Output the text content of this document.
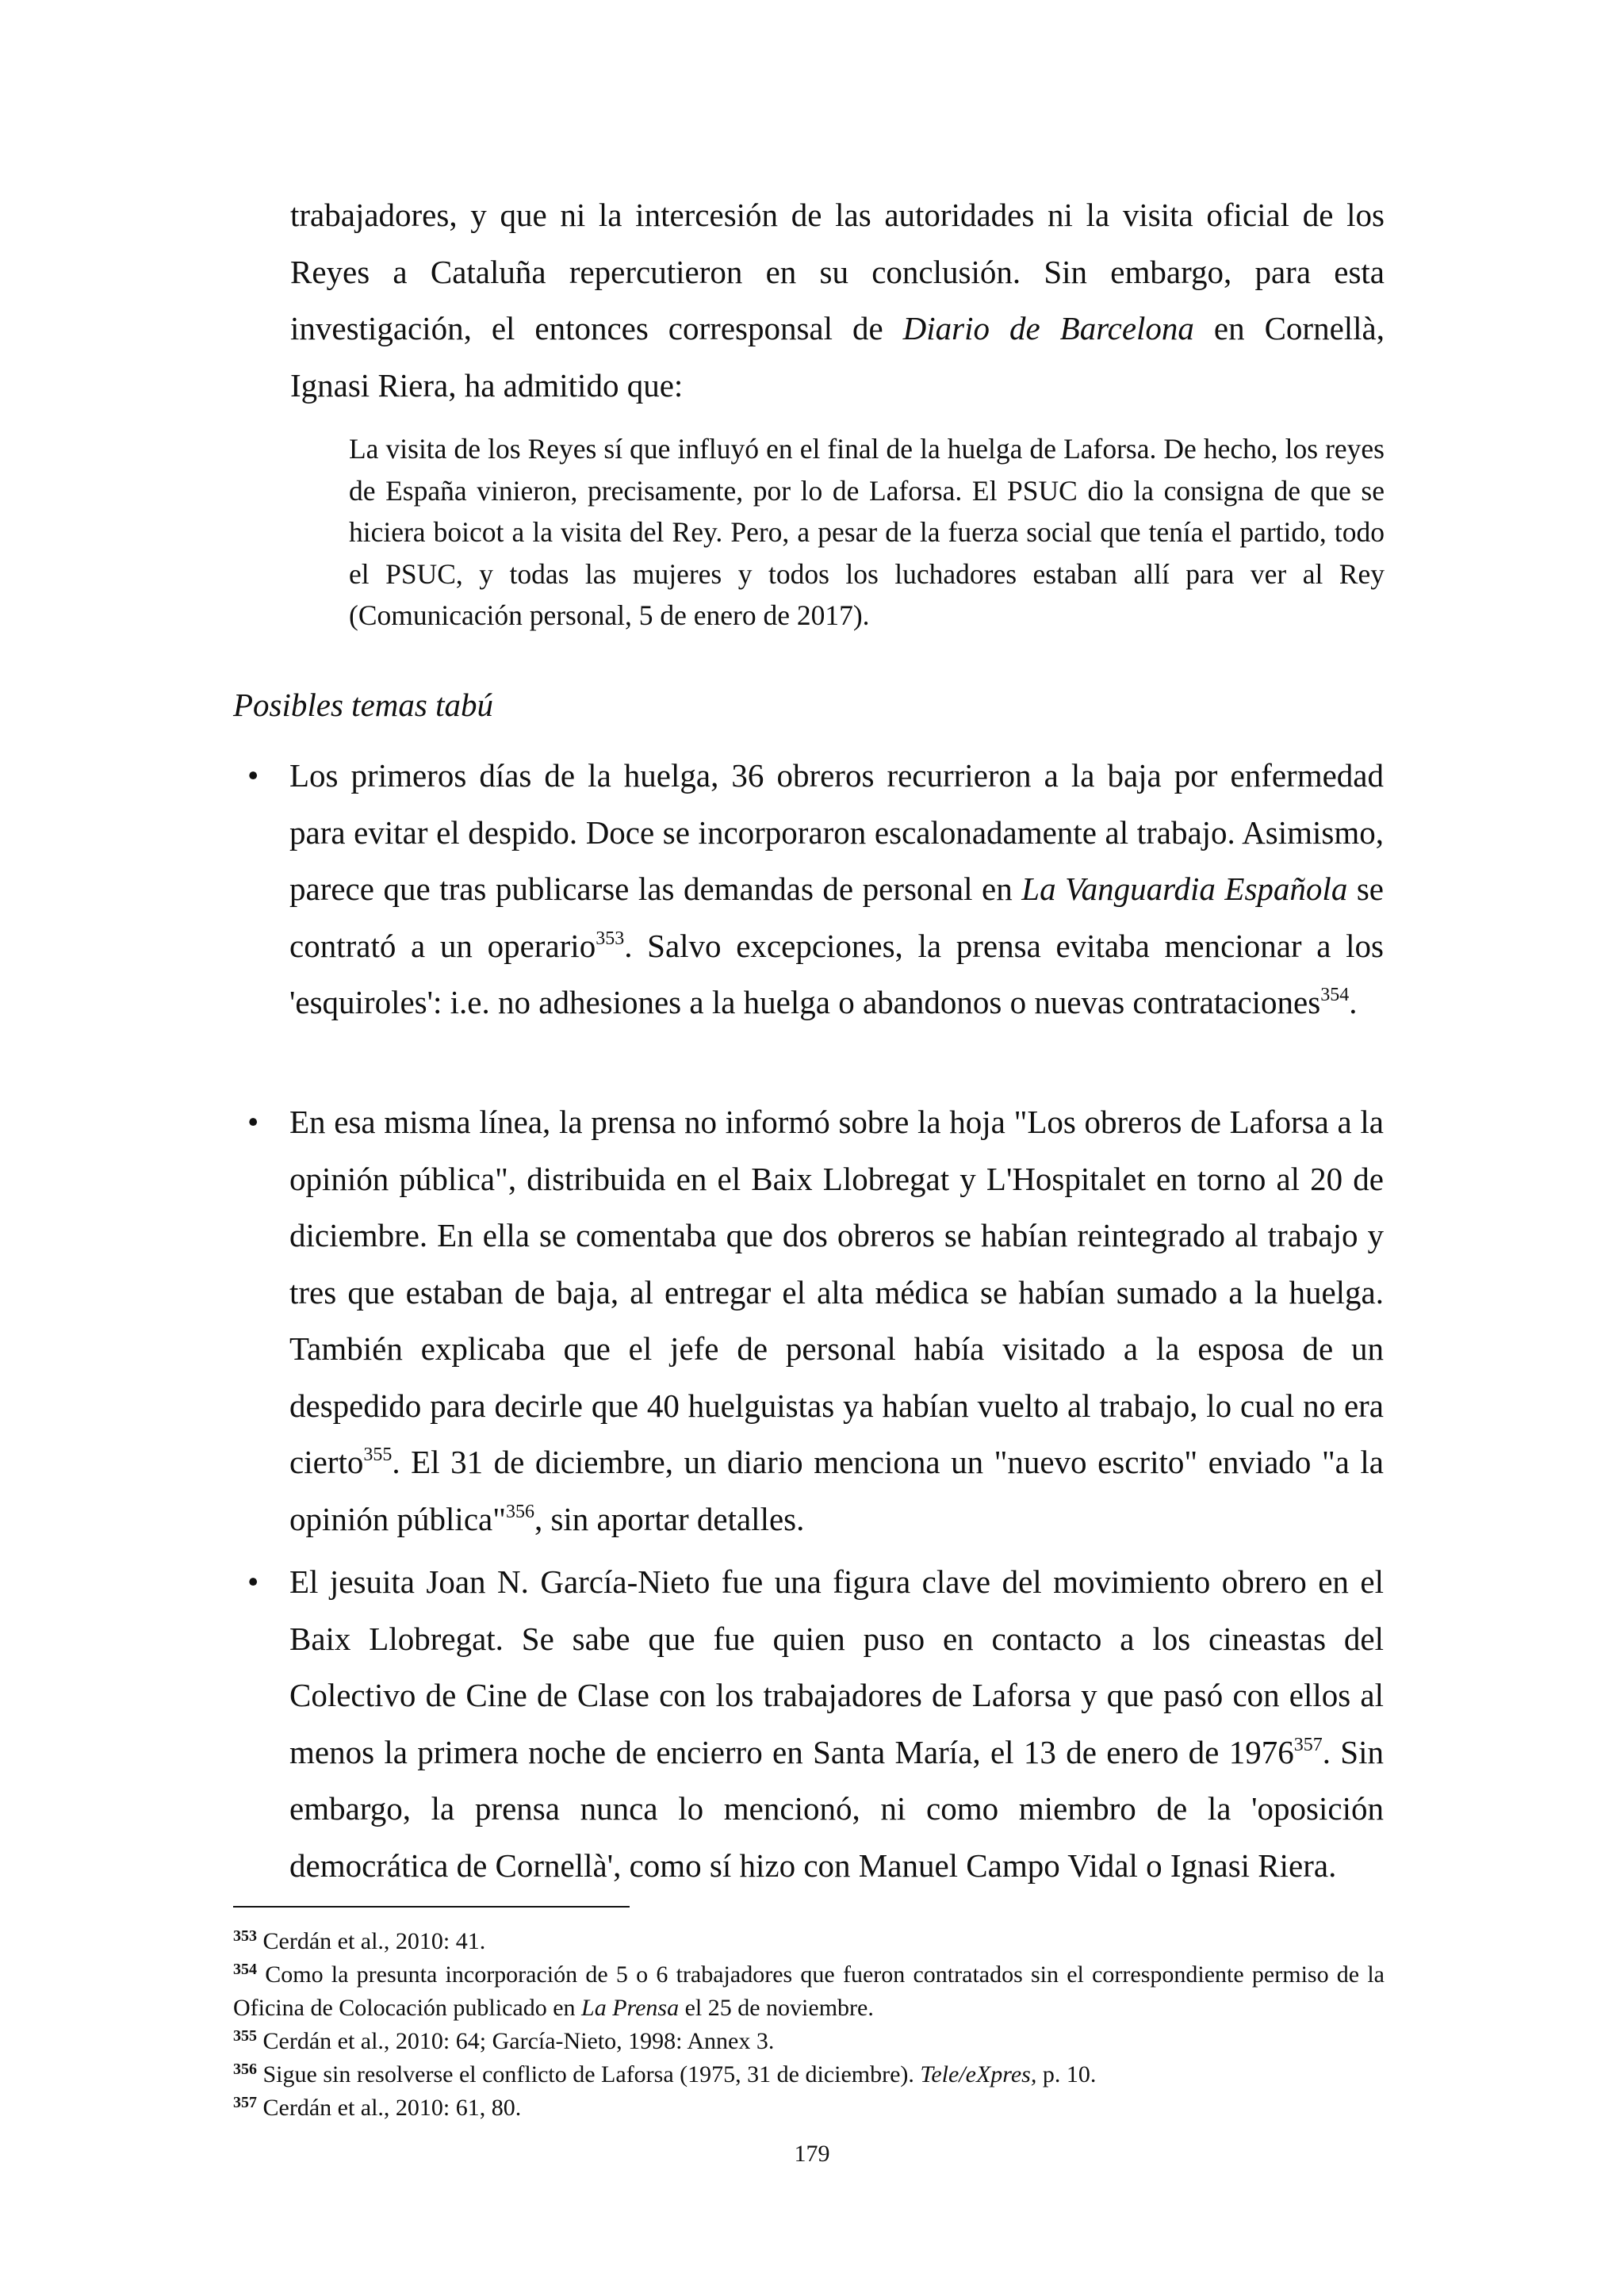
trabajadores, y que ni la intercesión de las autoridades ni la visita oficial de los
Reyes a Cataluña repercutieron en su conclusión. Sin embargo, para esta
investigación, el entonces corresponsal de Diario de Barcelona en Cornellà,
Ignasi Riera, ha admitido que:
La visita de los Reyes sí que influyó en el final de la huelga de Laforsa. De hecho, los reyes de España vinieron, precisamente, por lo de Laforsa. El PSUC dio la consigna de que se hiciera boicot a la visita del Rey. Pero, a pesar de la fuerza social que tenía el partido, todo el PSUC, y todas las mujeres y todos los luchadores estaban allí para ver al Rey (Comunicación personal, 5 de enero de 2017).
Posibles temas tabú
• Los primeros días de la huelga, 36 obreros recurrieron a la baja por enfermedad para evitar el despido. Doce se incorporaron escalonadamente al trabajo. Asimismo, parece que tras publicarse las demandas de personal en La Vanguardia Española se contrató a un operario$^{353}$. Salvo excepciones, la prensa evitaba mencionar a los 'esquiroles': i.e. no adhesiones a la huelga o abandonos o nuevas contrataciones$^{354}$.
• En esa misma línea, la prensa no informó sobre la hoja "Los obreros de Laforsa a la opinión pública", distribuida en el Baix Llobregat y L'Hospitalet en torno al 20 de diciembre. En ella se comentaba que dos obreros se habían reintegrado al trabajo y tres que estaban de baja, al entregar el alta médica se habían sumado a la huelga. También explicaba que el jefe de personal había visitado a la esposa de un despedido para decirle que 40 huelguistas ya habían vuelto al trabajo, lo cual no era cierto$^{355}$. El 31 de diciembre, un diario menciona un "nuevo escrito" enviado "a la opinión pública"$^{356}$, sin aportar detalles.
• El jesuita Joan N. García-Nieto fue una figura clave del movimiento obrero en el Baix Llobregat. Se sabe que fue quien puso en contacto a los cineastas del Colectivo de Cine de Clase con los trabajadores de Laforsa y que pasó con ellos al menos la primera noche de encierro en Santa María, el 13 de enero de 1976$^{357}$. Sin embargo, la prensa nunca lo mencionó, ni como miembro de la 'oposición democrática de Cornellà', como sí hizo con Manuel Campo Vidal o Ignasi Riera.
$^{353}$ Cerdán et al., 2010: 41.
$^{354}$ Como la presunta incorporación de 5 o 6 trabajadores que fueron contratados sin el correspondiente permiso de la Oficina de Colocación publicado en La Prensa el 25 de noviembre.
$^{355}$ Cerdán et al., 2010: 64; García-Nieto, 1998: Annex 3.
$^{356}$ Sigue sin resolverse el conflicto de Laforsa (1975, 31 de diciembre). Tele/eXpres, p. 10.
$^{357}$ Cerdán et al., 2010: 61, 80.
179
